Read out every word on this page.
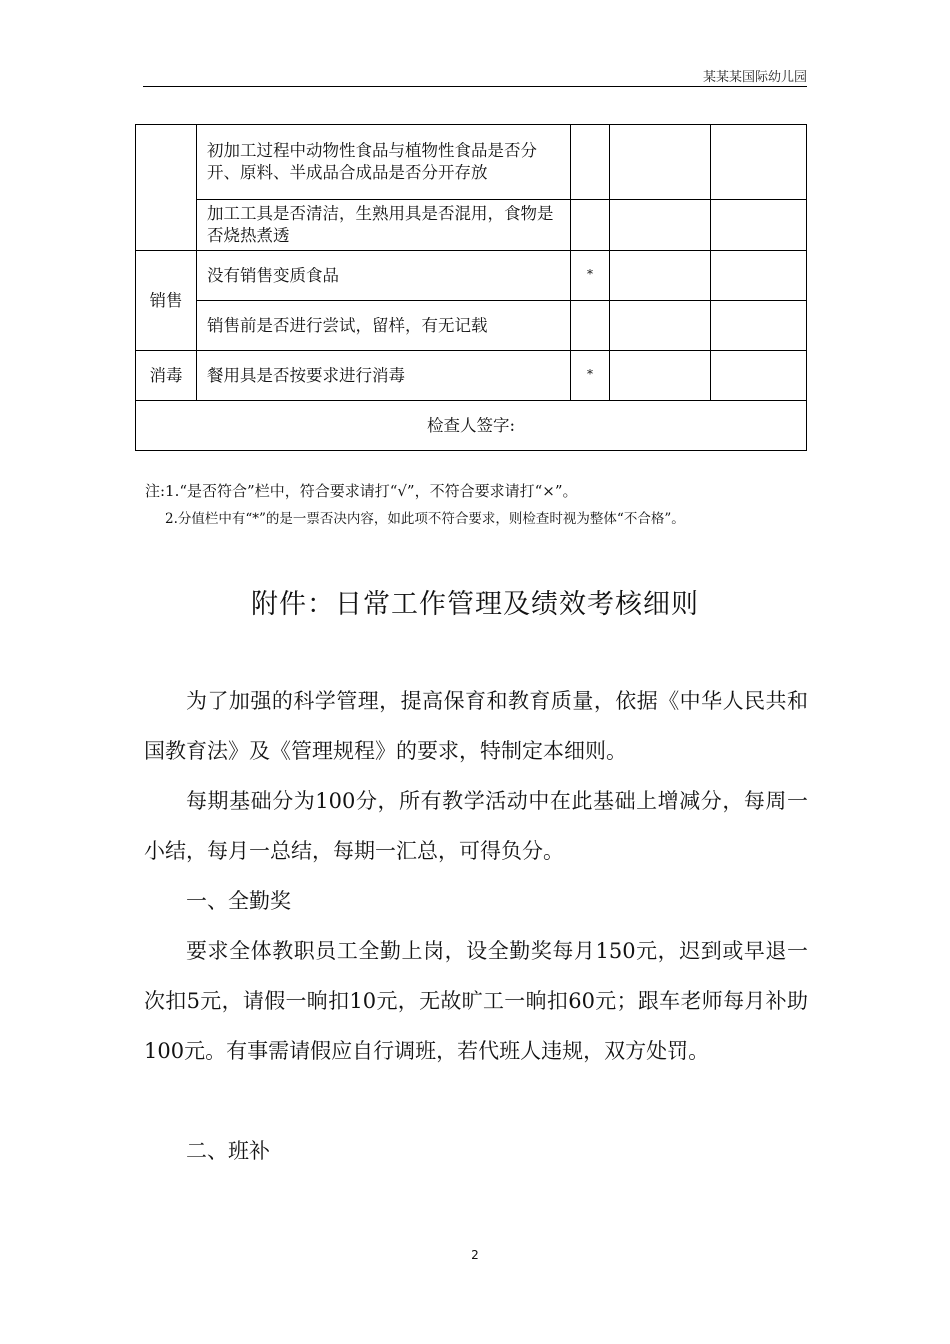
某某某国际幼儿园
	初加工过程中动物性食品与植物性食品是否分开、原料、半成品合成品是否分开存放	

	加工工具是否清洁，生熟用具是否混用，食物是否烧热煮透	

销售	没有销售变质食品	*		

	销售前是否进行尝试，留样，有无记载	

消毒	餐用具是否按要求进行消毒	*		

检查人签字:				
注:1.“是否符合”栏中，符合要求请打“√”，不符合要求请打“×”。
2.分值栏中有“*”的是一票否决内容，如此项不符合要求，则检查时视为整体“不合格”。
附件：日常工作管理及绩效考核细则
为了加强的科学管理，提高保育和教育质量，依据《中华人民共和国教育法》及《管理规程》的要求，特制定本细则。
每期基础分为100分，所有教学活动中在此基础上增减分，每周一小结，每月一总结，每期一汇总，可得负分。
一、全勤奖
要求全体教职员工全勤上岗，设全勤奖每月150元，迟到或早退一次扣5元，请假一晌扣10元，无故旷工一晌扣60元；跟车老师每月补助100元。有事需请假应自行调班，若代班人违规，双方处罚。
二、班补
2
